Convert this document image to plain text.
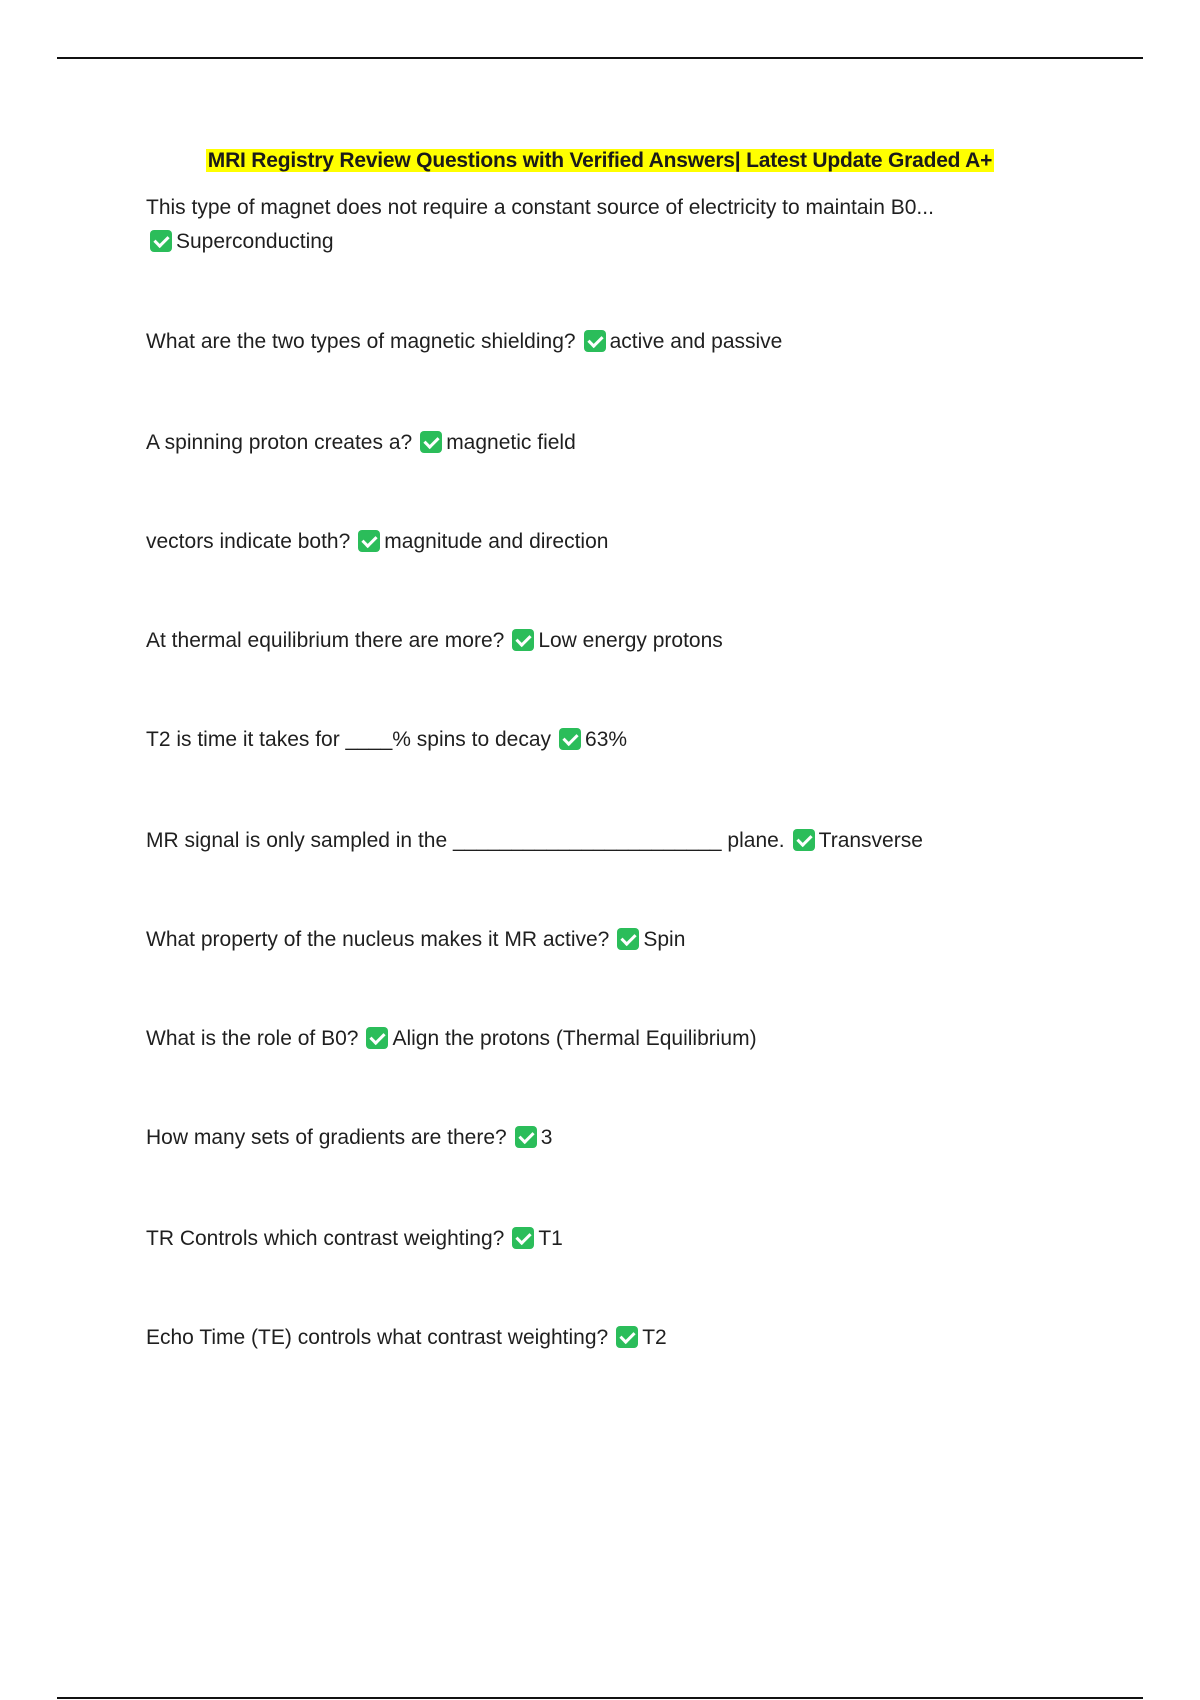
MRI Registry Review Questions with Verified Answers| Latest Update Graded A+
This type of magnet does not require a constant source of electricity to maintain B0...
Superconducting
What are the two types of magnetic shielding? active and passive
A spinning proton creates a? magnetic field
vectors indicate both? magnitude and direction
At thermal equilibrium there are more? Low energy protons
T2 is time it takes for ____% spins to decay 63%
MR signal is only sampled in the _______________________ plane. Transverse
What property of the nucleus makes it MR active? Spin
What is the role of B0? Align the protons (Thermal Equilibrium)
How many sets of gradients are there? 3
TR Controls which contrast weighting? T1
Echo Time (TE) controls what contrast weighting? T2
